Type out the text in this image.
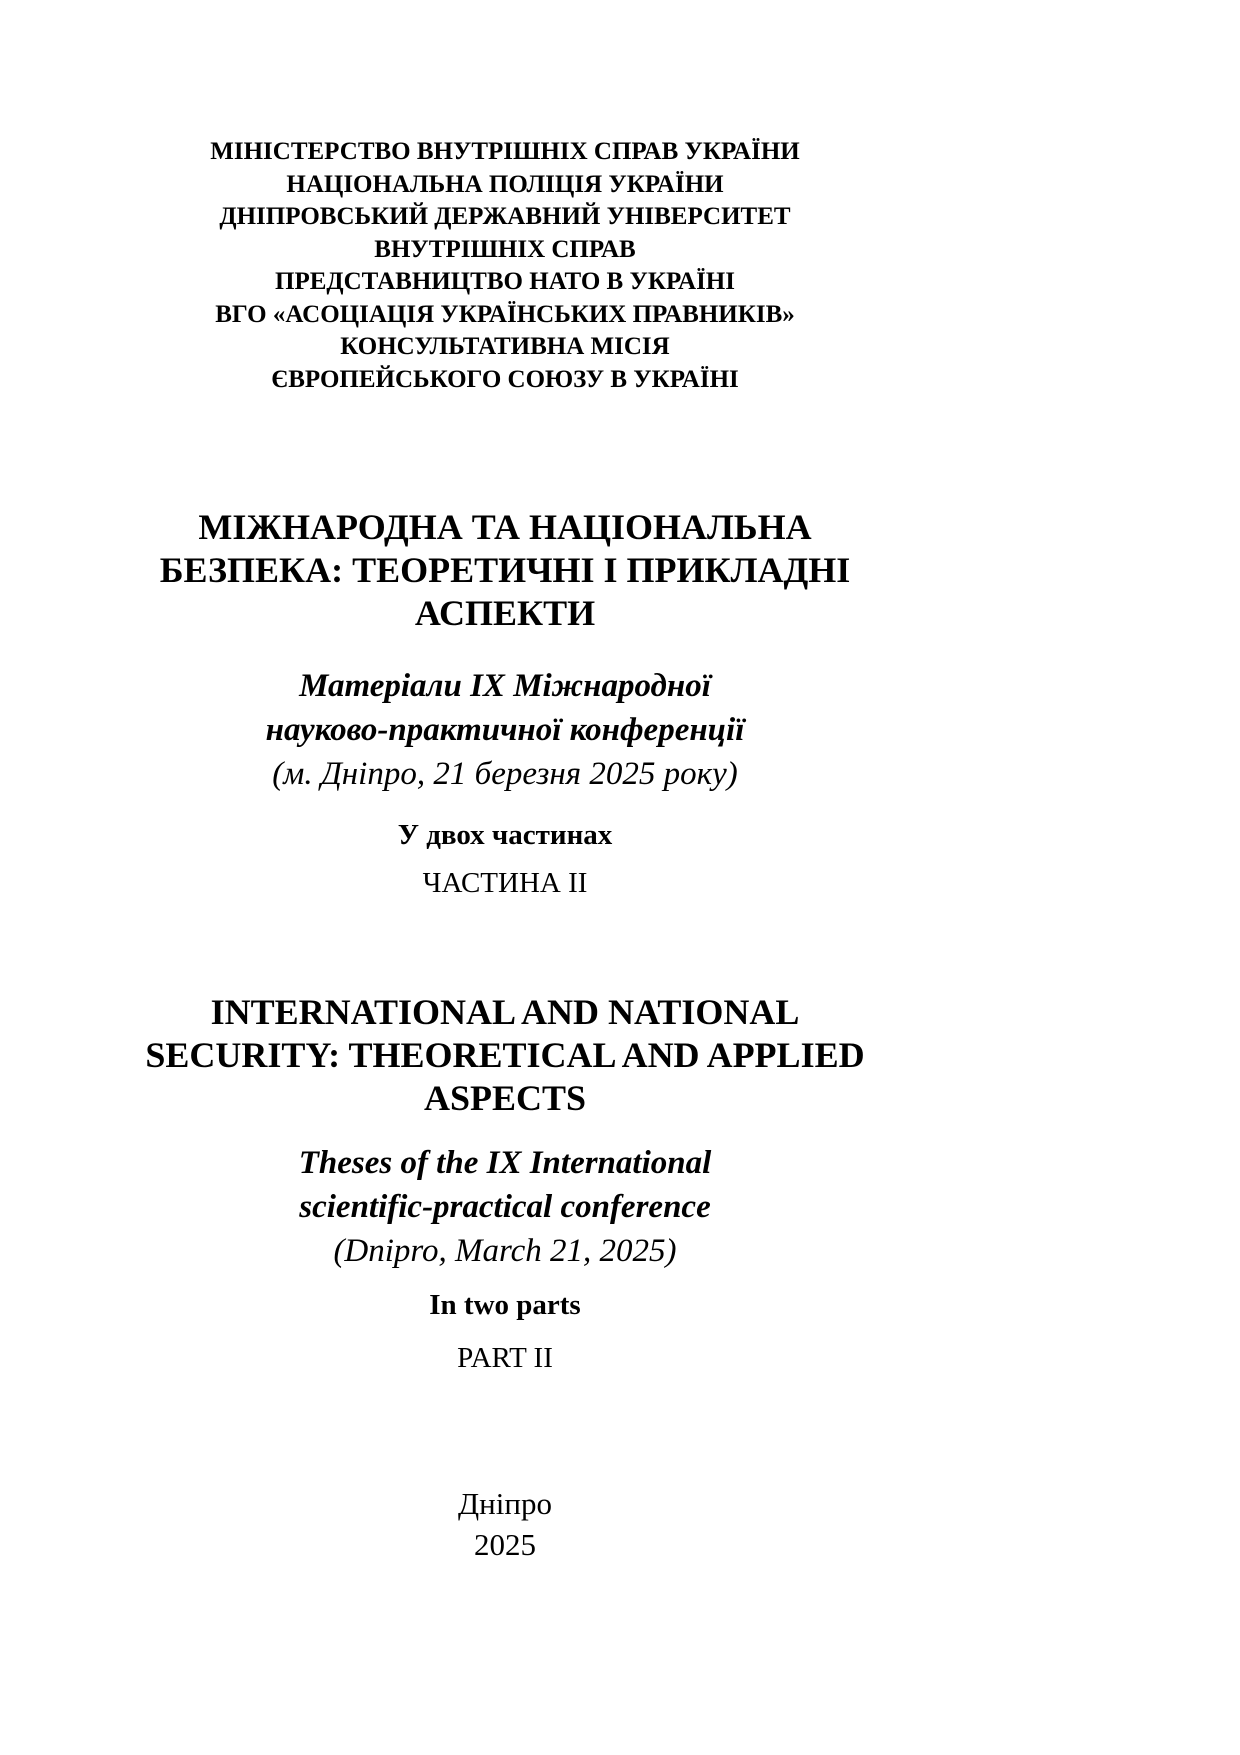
МІНІСТЕРСТВО ВНУТРІШНІХ СПРАВ УКРАЇНИ
НАЦІОНАЛЬНА ПОЛІЦІЯ УКРАЇНИ
ДНІПРОВСЬКИЙ ДЕРЖАВНИЙ УНІВЕРСИТЕТ
ВНУТРІШНІХ СПРАВ
ПРЕДСТАВНИЦТВО НАТО В УКРАЇНІ
ВГО «АСОЦІАЦІЯ УКРАЇНСЬКИХ ПРАВНИКІВ»
КОНСУЛЬТАТИВНА МІСІЯ
ЄВРОПЕЙСЬКОГО СОЮЗУ В УКРАЇНІ
МІЖНАРОДНА ТА НАЦІОНАЛЬНА
БЕЗПЕКА: ТЕОРЕТИЧНІ І ПРИКЛАДНІ
АСПЕКТИ
Матеріали IX Міжнародної
науково-практичної конференції
(м. Дніпро, 21 березня 2025 року)
У двох частинах
ЧАСТИНА II
INTERNATIONAL AND NATIONAL
SECURITY: THEORETICAL AND APPLIED
ASPECTS
Theses of the IX International
scientific-practical conference
(Dnipro, March 21, 2025)
In two parts
PART II
Дніпро
2025
